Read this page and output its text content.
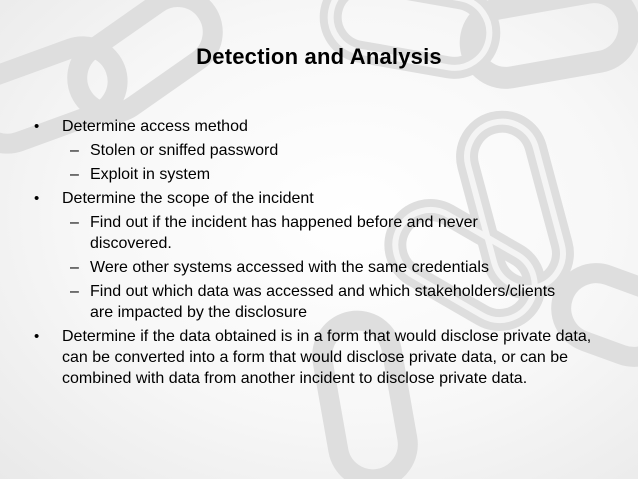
Detection and Analysis
• Determine access method
– Stolen or sniffed password
– Exploit in system
• Determine the scope of the incident
– Find out if the incident has happened before and never discovered.
– Were other systems accessed with the same credentials
– Find out which data was accessed and which stakeholders/clients are impacted by the disclosure
• Determine if the data obtained is in a form that would disclose private data, can be converted into a form that would disclose private data, or can be combined with data from another incident to disclose private data.
